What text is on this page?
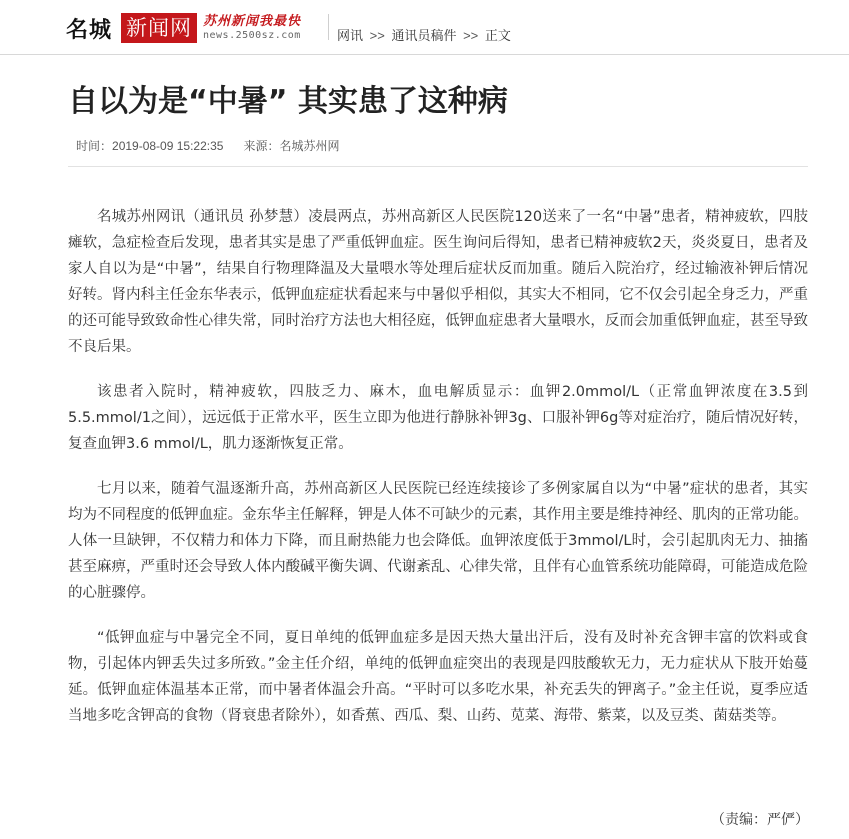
名城 新闻网 苏州新闻我最快
news.2500sz.com	网讯 >> 通讯员稿件 >> 正文
自以为是“中暑” 其实患了这种病
时间：2019-08-09 15:22:35 来源：名城苏州网

名城苏州网讯（通讯员 孙梦慧）凌晨两点，苏州高新区人民医院120送来了一名“中暑”患者，精神疲软，四肢瘫软，急症检查后发现，患者其实是患了严重低钾血症。医生询问后得知，患者已精神疲软2天，炎炎夏日，患者及家人自以为是“中暑”，结果自行物理降温及大量喂水等处理后症状反而加重。随后入院治疗，经过输液补钾后情况好转。肾内科主任金东华表示，低钾血症症状看起来与中暑似乎相似，其实大不相同，它不仅会引起全身乏力，严重的还可能导致致命性心律失常，同时治疗方法也大相径庭，低钾血症患者大量喂水，反而会加重低钾血症，甚至导致不良后果。

该患者入院时，精神疲软，四肢乏力、麻木，血电解质显示：血钾2.0mmol/L（正常血钾浓度在3.5到5.5.mmol/1之间），远远低于正常水平，医生立即为他进行静脉补钾3g、口服补钾6g等对症治疗，随后情况好转，复查血钾3.6 mmol/L，肌力逐渐恢复正常。

七月以来，随着气温逐渐升高，苏州高新区人民医院已经连续接诊了多例家属自以为“中暑”症状的患者，其实均为不同程度的低钾血症。金东华主任解释，钾是人体不可缺少的元素，其作用主要是维持神经、肌肉的正常功能。人体一旦缺钾，不仅精力和体力下降，而且耐热能力也会降低。血钾浓度低于3mmol/L时，会引起肌肉无力、抽搐甚至麻痹，严重时还会导致人体内酸碱平衡失调、代谢紊乱、心律失常，且伴有心血管系统功能障碍，可能造成危险的心脏骤停。

“低钾血症与中暑完全不同，夏日单纯的低钾血症多是因天热大量出汗后，没有及时补充含钾丰富的饮料或食物，引起体内钾丢失过多所致。”金主任介绍，单纯的低钾血症突出的表现是四肢酸软无力，无力症状从下肢开始蔓延。低钾血症体温基本正常，而中暑者体温会升高。“平时可以多吃水果，补充丢失的钾离子。”金主任说，夏季应适当地多吃含钾高的食物（肾衰患者除外），如香蕉、西瓜、梨、山药、苋菜、海带、紫菜，以及豆类、菌菇类等。

（责编：严俨）
